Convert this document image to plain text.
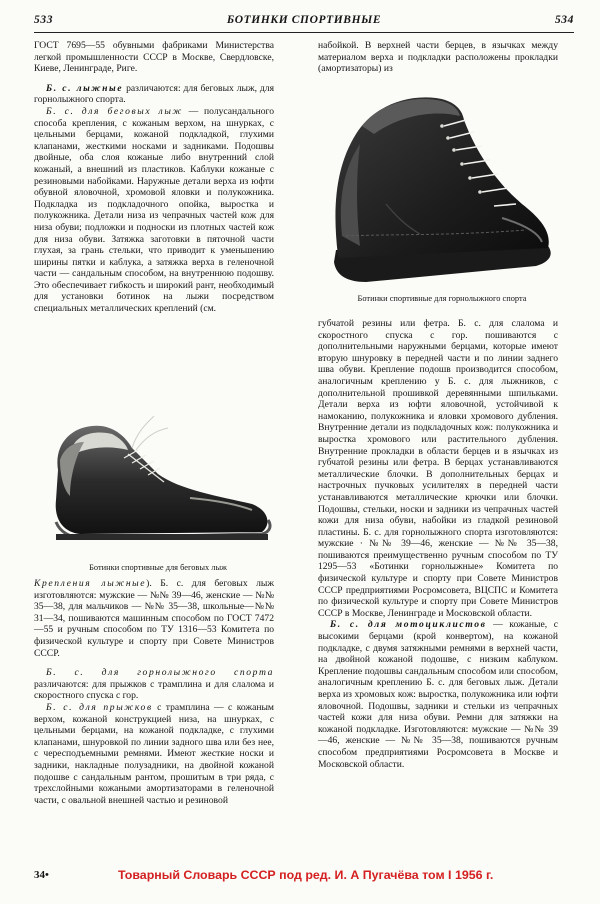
533	БОТИНКИ СПОРТИВНЫЕ	534

ГОСТ 7695—55 обувными фабриками Министерства легкой промышленности СССР в Москве, Свердловске, Киеве, Ленинграде, Риге.

Б. с. лыжные различаются: для беговых лыж, для горнолыжного спорта.

Б. с. для беговых лыж — полусандального способа крепления, с кожаным верхом, на шнурках, с цельными берцами, кожаной подкладкой, глухими клапанами, жесткими носками и задниками. Подошвы двойные, оба слоя кожаные либо внутренний слой кожаный, а внешний из пластиков. Каблуки кожаные с резиновыми набойками. Наружные детали верха из юфти обувной яловочной, хромовой яловки и полукожника. Подкладка из подкладочного опойка, выростка и полукожника. Детали низа из чепрачных частей кож для низа обуви; подложки и подноски из плотных частей кож для низа обуви. Затяжка заготовки в пяточной части глухая, за грань стельки, что приводит к уменьшению ширины пятки и каблука, а затяжка верха в геленочной части — сандальным способом, на внутреннюю подошву. Это обеспечивает гибкость и широкий рант, необходимый для установки ботинок на лыжи посредством специальных металлических креплений (см.

Ботинки спортивные для беговых лыж

Крепления лыжные). Б. с. для беговых лыж изготовляются: мужские — №№ 39—46, женские — №№ 35—38, для мальчиков — №№ 35—38, школьные—№№ 31—34, пошиваются машинным способом по ГОСТ 7472—55 и ручным способом по ТУ 1316—53 Комитета по физической культуре и спорту при Совете Министров СССР.

Б. с. для горнолыжного спорта различаются: для прыжков с трамплина и для слалома и скоростного спуска с гор.

Б. с. для прыжков с трамплина — с кожаным верхом, кожаной конструкцией низа, на шнурках, с цельными берцами, на кожаной подкладке, с глухими клапанами, шнуровкой по линии задного шва или без нее, с чересподъемными ремнями. Имеют жесткие носки и задники, накладные полузадники, на двойной кожаной подошве с сандальным рантом, прошитым в три ряда, с трехслойными кожаными амортизаторами в геленочной части, с овальной внешней частью и резиновой

набойкой. В верхней части берцев, в язычках между материалом верха и подкладки расположены прокладки (амортизаторы) из

Ботинки спортивные для горнолыжного спорта

губчатой резины или фетра. Б. с. для слалома и скоростного спуска с гор. пошиваются с дополнительными наружными берцами, которые имеют вторую шнуровку в передней части и по линии заднего шва обуви. Крепление подошв производится способом, аналогичным креплению у Б. с. для лыжников, с дополнительной прошивкой деревянными шпильками. Детали верха из юфти яловочной, устойчивой к намоканию, полукожника и яловки хромового дубления. Внутренние детали из подкладочных кож: полукожника и выростка хромового или растительного дубления. Внутренние прокладки в области берцев и в язычках из губчатой резины или фетра. В берцах устанавливаются металлические блочки. В дополнительных берцах и настрочных пучковых усилителях в передней части устанавливаются металлические крючки или блочки. Подошвы, стельки, носки и задники из чепрачных частей кожи для низа обуви, набойки из гладкой резиновой пластины. Б. с. для горнолыжного спорта изготовляются: мужские · №№ 39—46, женские — №№ 35—38, пошиваются преимущественно ручным способом по ТУ 1295—53 «Ботинки горнолыжные» Комитета по физической культуре и спорту при Совете Министров СССР предприятиями Росромсовета, ВЦСПС и Комитета по физической культуре и спорту при Совете Министров СССР в Москве, Ленинграде и Московской области.

Б. с. для мотоциклистов — кожаные, с высокими берцами (крой конвертом), на кожаной подкладке, с двумя затяжными ремнями в верхней части, на двойной кожаной подошве, с низким каблуком. Крепление подошвы сандальным способом или способом, аналогичным креплению Б. с. для беговых лыж. Детали верха из хромовых кож: выростка, полукожника или юфти яловочной. Подошвы, задники и стельки из чепрачных частей кожи для низа обуви. Ремни для затяжки на кожаной подкладке. Изготовляются: мужские — №№ 39—46, женские — №№ 35—38, пошиваются ручным способом предприятиями Росромсовета в Москве и Московской области.

34•	Товарный Словарь СССР под ред. И. А Пугачёва том I 1956 г.
